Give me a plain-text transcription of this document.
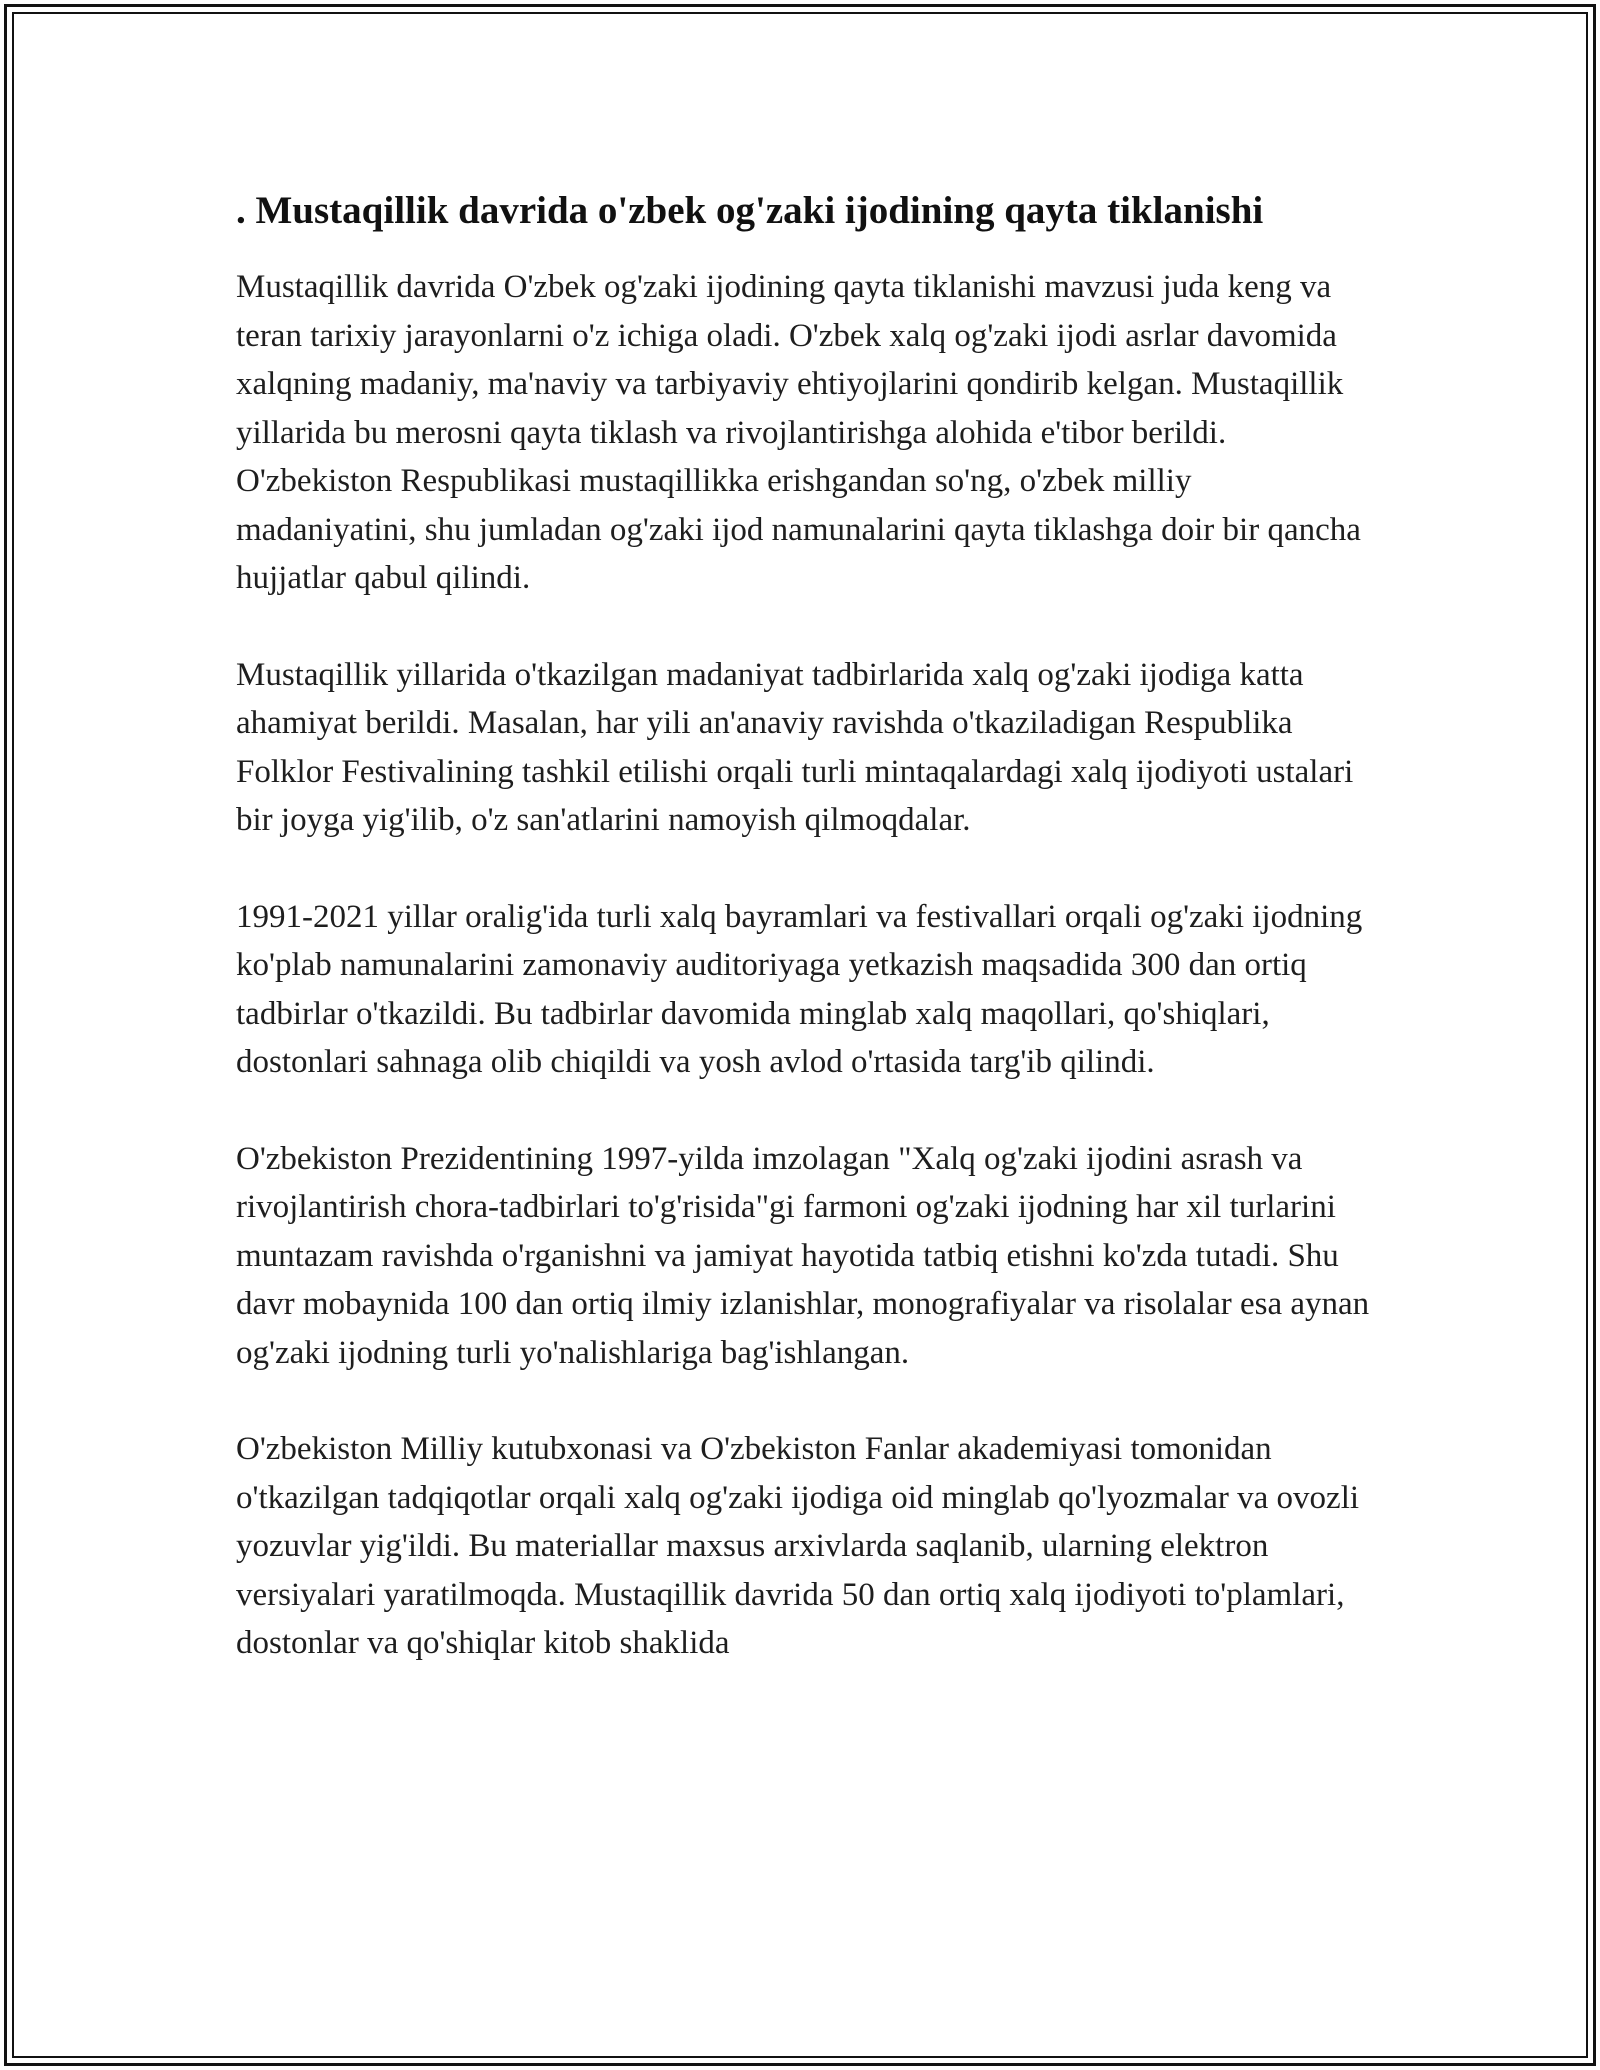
. Mustaqillik davrida o'zbek og'zaki ijodining qayta tiklanishi

Mustaqillik davrida O'zbek og'zaki ijodining qayta tiklanishi mavzusi juda keng va teran tarixiy jarayonlarni o'z ichiga oladi. O'zbek xalq og'zaki ijodi asrlar davomida xalqning madaniy, ma'naviy va tarbiyaviy ehtiyojlarini qondirib kelgan. Mustaqillik yillarida bu merosni qayta tiklash va rivojlantirishga alohida e'tibor berildi. O'zbekiston Respublikasi mustaqillikka erishgandan so'ng, o'zbek milliy madaniyatini, shu jumladan og'zaki ijod namunalarini qayta tiklashga doir bir qancha hujjatlar qabul qilindi.

Mustaqillik yillarida o'tkazilgan madaniyat tadbirlarida xalq og'zaki ijodiga katta ahamiyat berildi. Masalan, har yili an'anaviy ravishda o'tkaziladigan Respublika Folklor Festivalining tashkil etilishi orqali turli mintaqalardagi xalq ijodiyoti ustalari bir joyga yig'ilib, o'z san'atlarini namoyish qilmoqdalar.

1991-2021 yillar oralig'ida turli xalq bayramlari va festivallari orqali og'zaki ijodning ko'plab namunalarini zamonaviy auditoriyaga yetkazish maqsadida 300 dan ortiq tadbirlar o'tkazildi. Bu tadbirlar davomida minglab xalq maqollari, qo'shiqlari, dostonlari sahnaga olib chiqildi va yosh avlod o'rtasida targ'ib qilindi.

O'zbekiston Prezidentining 1997-yilda imzolagan "Xalq og'zaki ijodini asrash va rivojlantirish chora-tadbirlari to'g'risida"gi farmoni og'zaki ijodning har xil turlarini muntazam ravishda o'rganishni va jamiyat hayotida tatbiq etishni ko'zda tutadi. Shu davr mobaynida 100 dan ortiq ilmiy izlanishlar, monografiyalar va risolalar esa aynan og'zaki ijodning turli yo'nalishlariga bag'ishlangan.

O'zbekiston Milliy kutubxonasi va O'zbekiston Fanlar akademiyasi tomonidan o'tkazilgan tadqiqotlar orqali xalq og'zaki ijodiga oid minglab qo'lyozmalar va ovozli yozuvlar yig'ildi. Bu materiallar maxsus arxivlarda saqlanib, ularning elektron versiyalari yaratilmoqda. Mustaqillik davrida 50 dan ortiq xalq ijodiyoti to'plamlari, dostonlar va qo'shiqlar kitob shaklida
